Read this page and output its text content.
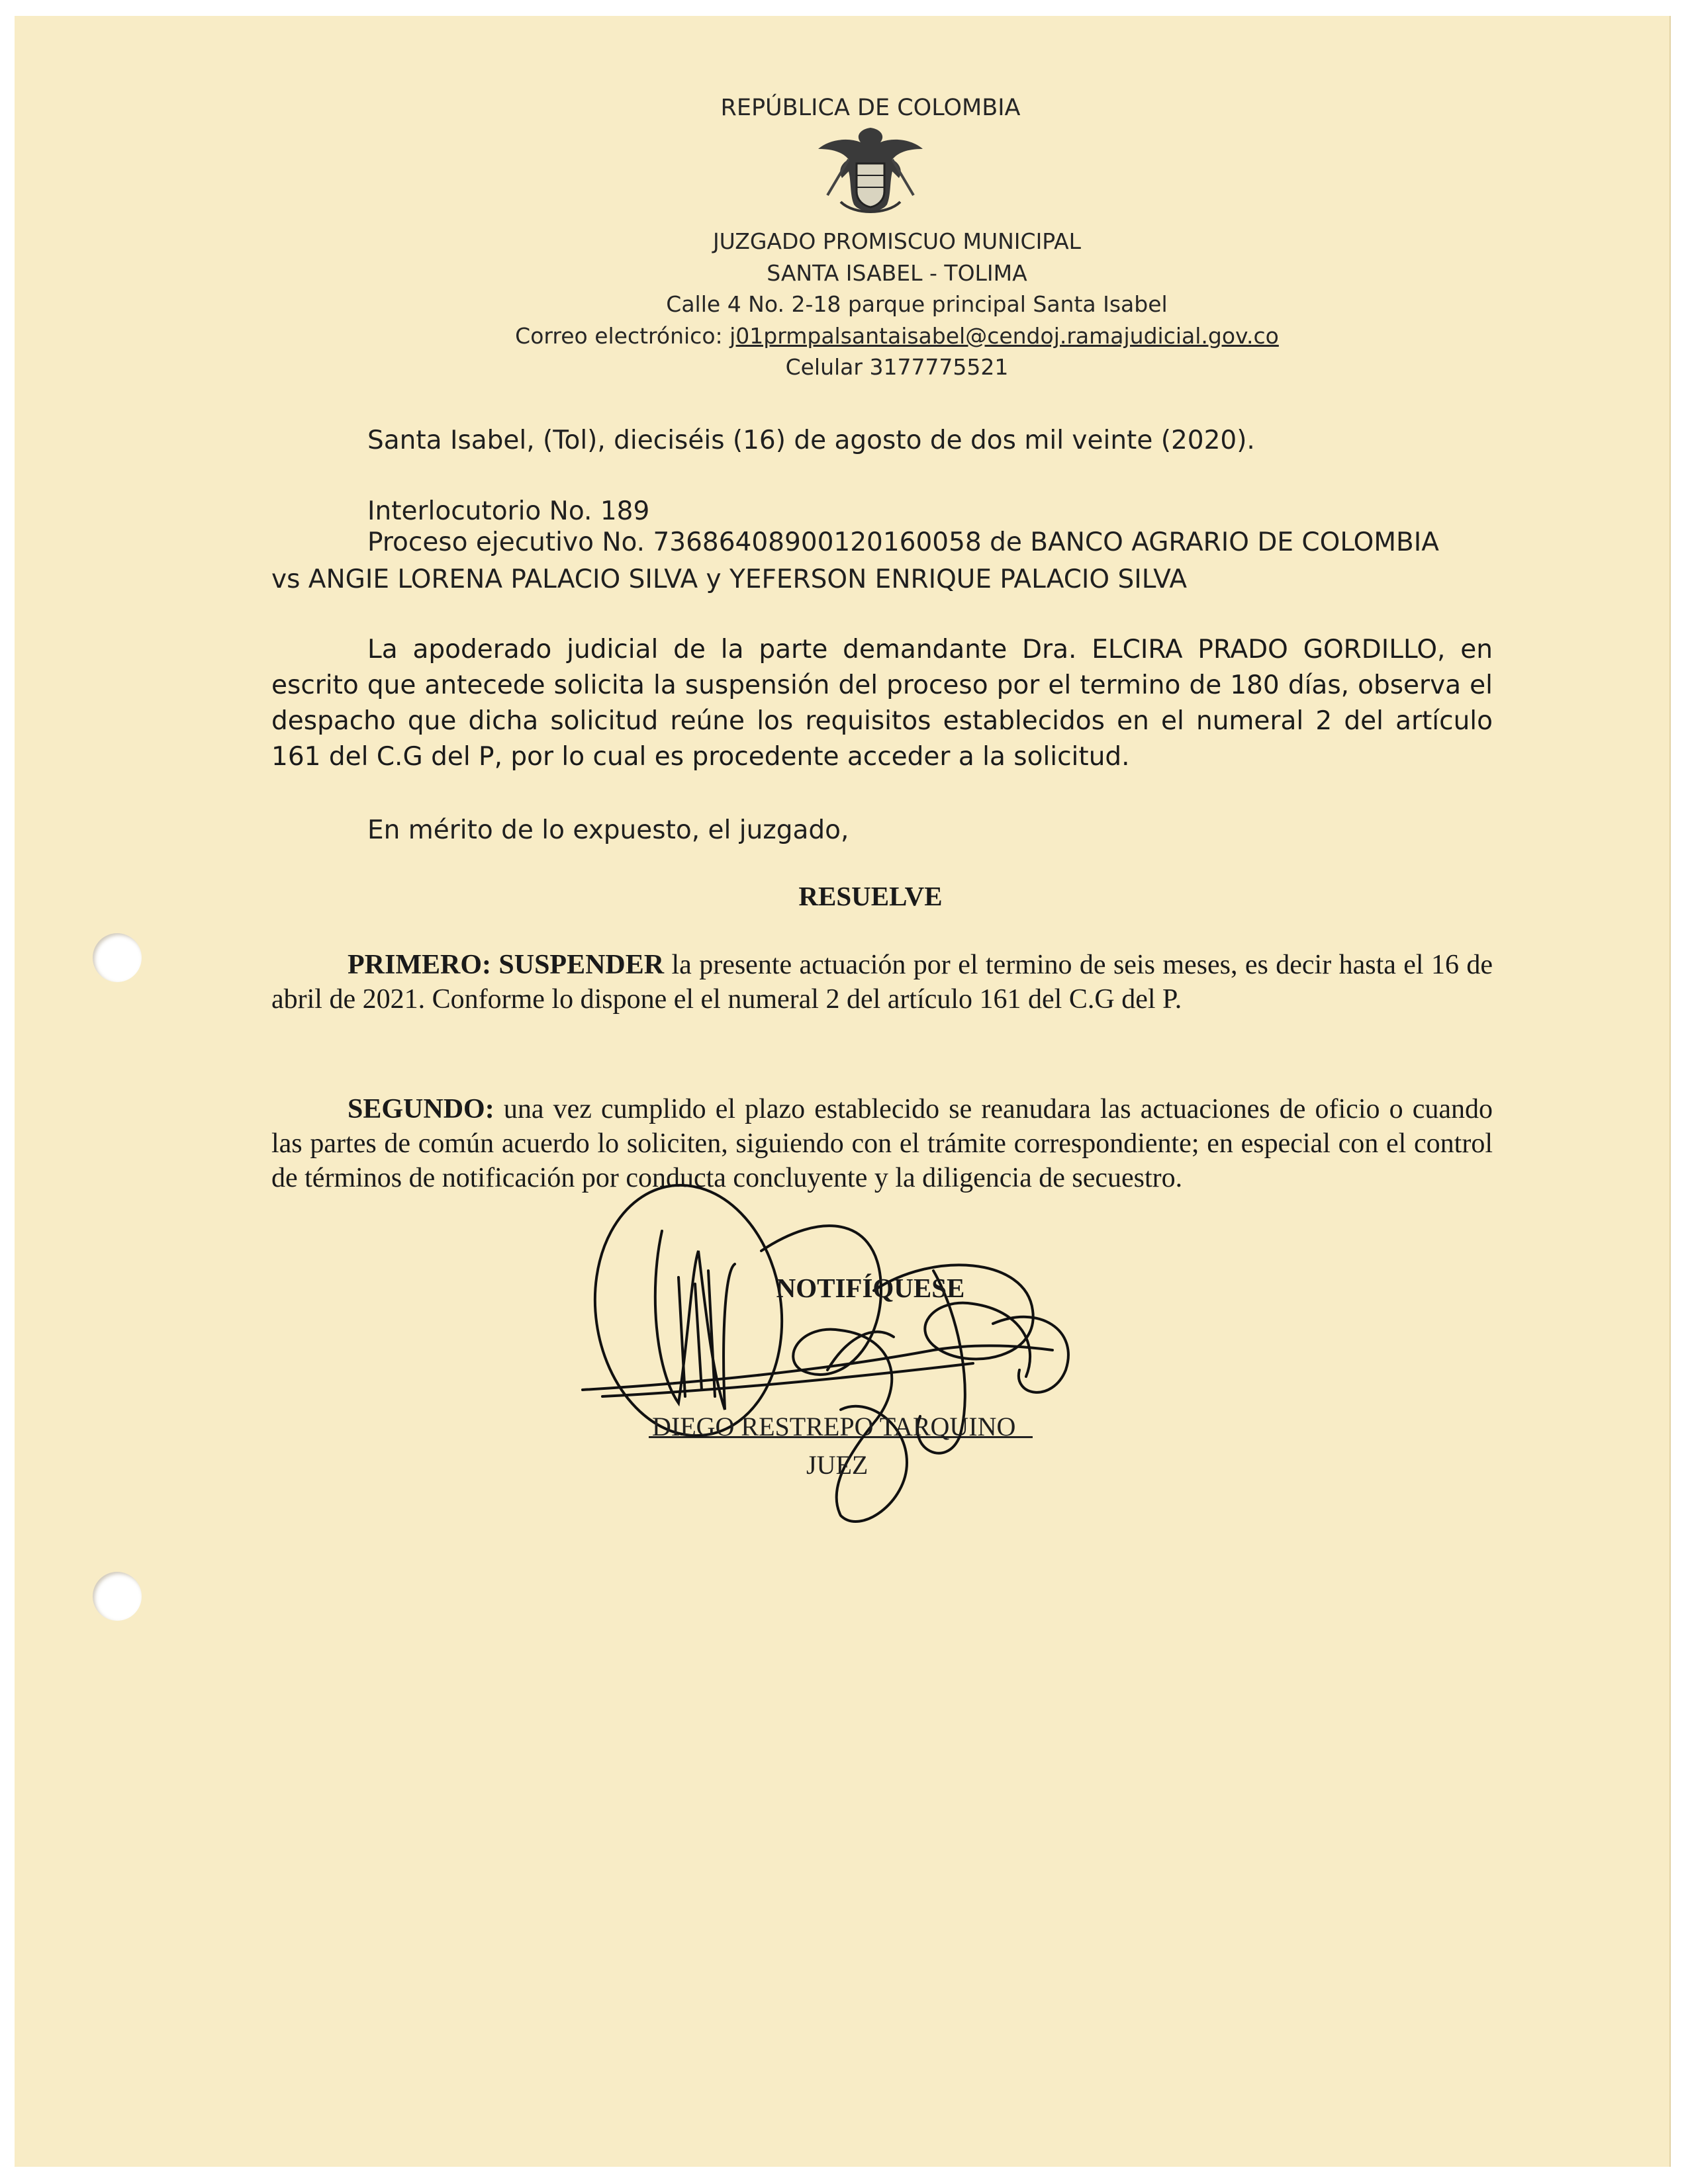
REPÚBLICA DE COLOMBIA
JUZGADO PROMISCUO MUNICIPAL
SANTA ISABEL - TOLIMA
Calle 4 No. 2-18 parque principal Santa Isabel
Correo electrónico: j01prmpalsantaisabel@cendoj.ramajudicial.gov.co
Celular 3177775521
Santa Isabel, (Tol), dieciséis (16) de agosto de dos mil veinte (2020).
Interlocutorio No. 189
Proceso ejecutivo No. 73686408900120160058 de BANCO AGRARIO DE COLOMBIA
vs ANGIE LORENA PALACIO SILVA y YEFERSON ENRIQUE PALACIO SILVA
La apoderado judicial de la parte demandante Dra. ELCIRA PRADO GORDILLO, en escrito que antecede solicita la suspensión del proceso por el termino de 180 días, observa el despacho que dicha solicitud reúne los requisitos establecidos en el numeral 2 del artículo 161 del C.G del P, por lo cual es procedente acceder a la solicitud.
En mérito de lo expuesto, el juzgado,
RESUELVE
PRIMERO: SUSPENDER la presente actuación por el termino de seis meses, es decir hasta el 16 de abril de 2021. Conforme lo dispone el el numeral 2 del artículo 161 del C.G del P.
SEGUNDO: una vez cumplido el plazo establecido se reanudara las actuaciones de oficio o cuando las partes de común acuerdo lo soliciten, siguiendo con el trámite correspondiente; en especial con el control de términos de notificación por conducta concluyente y la diligencia de secuestro.
NOTIFÍQUESE
DIEGO RESTREPO TARQUINO
JUEZ
